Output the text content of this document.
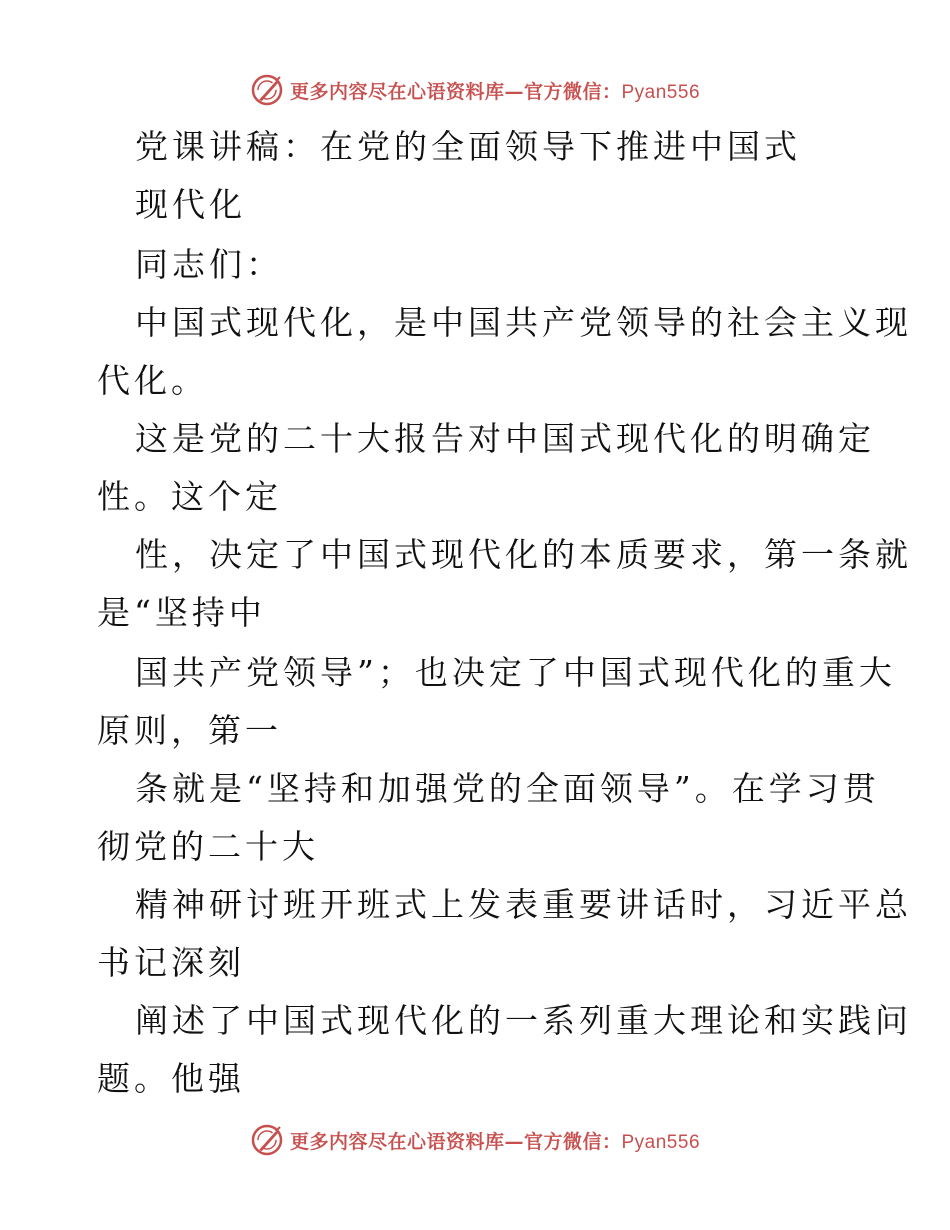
更多内容尽在心语资料库—官方微信：Pyan556
党课讲稿：在党的全面领导下推进中国式
现代化
同志们：
中国式现代化，是中国共产党领导的社会主义现
代化。
这是党的二十大报告对中国式现代化的明确定
性。这个定
性，决定了中国式现代化的本质要求，第一条就
是“坚持中
国共产党领导”；也决定了中国式现代化的重大
原则，第一
条就是“坚持和加强党的全面领导”。在学习贯
彻党的二十大
精神研讨班开班式上发表重要讲话时，习近平总
书记深刻
阐述了中国式现代化的一系列重大理论和实践问
题。他强
更多内容尽在心语资料库—官方微信：Pyan556
